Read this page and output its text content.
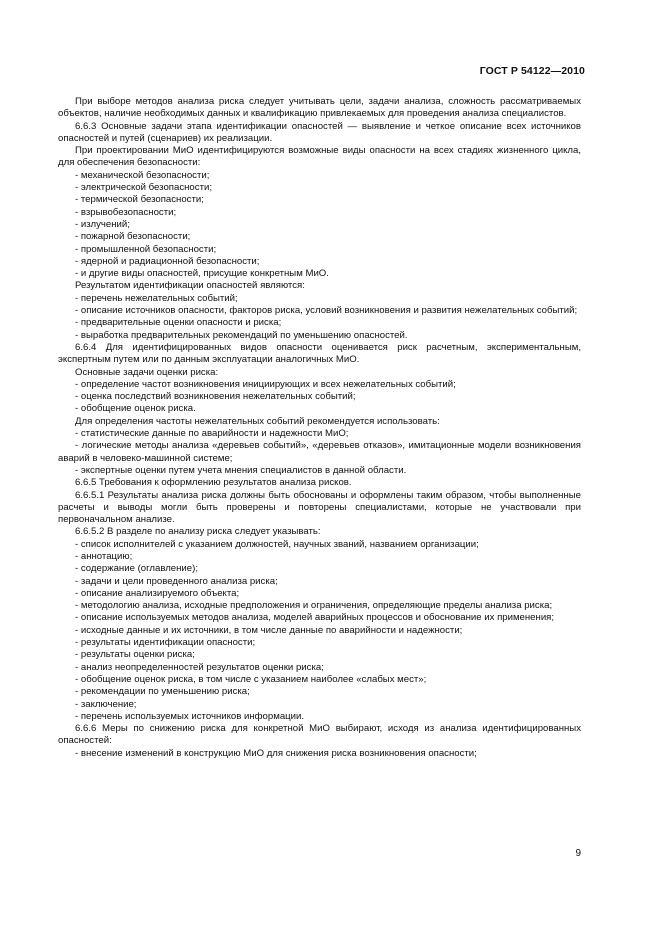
ГОСТ Р 54122—2010

При выборе методов анализа риска следует учитывать цели, задачи анализа, сложность рассматриваемых объектов, наличие необходимых данных и квалификацию привлекаемых для проведения анализа специалистов.

6.6.3 Основные задачи этапа идентификации опасностей — выявление и четкое описание всех источников опасностей и путей (сценариев) их реализации.

При проектировании МиО идентифицируются возможные виды опасности на всех стадиях жизненного цикла, для обеспечения безопасности:

- механической безопасности;

- электрической безопасности;

- термической безопасности;

- взрывобезопасности;

- излучений;

- пожарной безопасности;

- промышленной безопасности;

- ядерной и радиационной безопасности;

- и другие виды опасностей, присущие конкретным МиО.

Результатом идентификации опасностей являются:

- перечень нежелательных событий;

- описание источников опасности, факторов риска, условий возникновения и развития нежелательных событий;

- предварительные оценки опасности и риска;

- выработка предварительных рекомендаций по уменьшению опасностей.

6.6.4 Для идентифицированных видов опасности оценивается риск расчетным, экспериментальным, экспертным путем или по данным эксплуатации аналогичных МиО.

Основные задачи оценки риска:

- определение частот возникновения инициирующих и всех нежелательных событий;

- оценка последствий возникновения нежелательных событий;

- обобщение оценок риска.

Для определения частоты нежелательных событий рекомендуется использовать:

- статистические данные по аварийности и надежности МиО;

- логические методы анализа «деревьев событий», «деревьев отказов», имитационные модели возникновения аварий в человеко-машинной системе;

- экспертные оценки путем учета мнения специалистов в данной области.

6.6.5 Требования к оформлению результатов анализа рисков.

6.6.5.1 Результаты анализа риска должны быть обоснованы и оформлены таким образом, чтобы выполненные расчеты и выводы могли быть проверены и повторены специалистами, которые не участвовали при первоначальном анализе.

6.6.5.2 В разделе по анализу риска следует указывать:

- список исполнителей с указанием должностей, научных званий, названием организации;

- аннотацию;

- содержание (оглавление);

- задачи и цели проведенного анализа риска;

- описание анализируемого объекта;

- методологию анализа, исходные предположения и ограничения, определяющие пределы анализа риска;

- описание используемых методов анализа, моделей аварийных процессов и обоснование их применения;

- исходные данные и их источники, в том числе данные по аварийности и надежности;

- результаты идентификации опасности;

- результаты оценки риска;

- анализ неопределенностей результатов оценки риска;

- обобщение оценок риска, в том числе с указанием наиболее «слабых мест»;

- рекомендации по уменьшению риска;

- заключение;

- перечень используемых источников информации.

6.6.6 Меры по снижению риска для конкретной МиО выбирают, исходя из анализа идентифицированных опасностей:

- внесение изменений в конструкцию МиО для снижения риска возникновения опасности;

9
